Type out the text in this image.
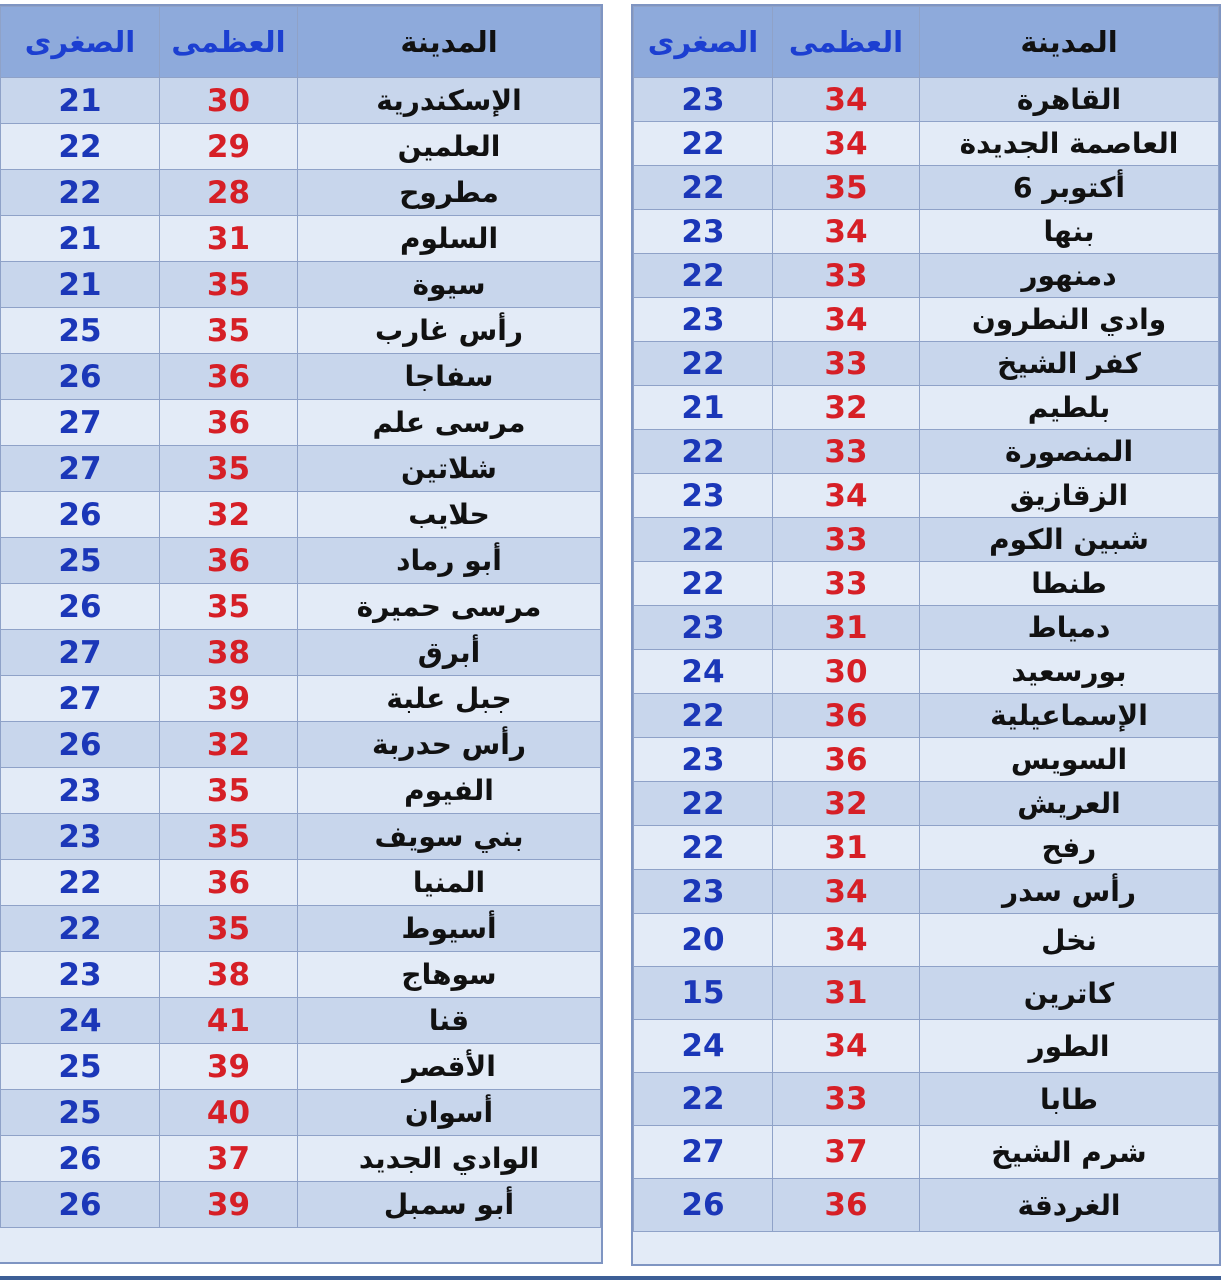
الصغرى	العظمى	المدينة
21	30	الإسكندرية
22	29	العلمين
22	28	مطروح
21	31	السلوم
21	35	سيوة
25	35	رأس غارب
26	36	سفاجا
27	36	مرسى علم
27	35	شلاتين
26	32	حلايب
25	36	أبو رماد
26	35	مرسى حميرة
27	38	أبرق
27	39	جبل علبة
26	32	رأس حدربة
23	35	الفيوم
23	35	بني سويف
22	36	المنيا
22	35	أسيوط
23	38	سوهاج
24	41	قنا
25	39	الأقصر
25	40	أسوان
26	37	الوادي الجديد
26	39	أبو سمبل
الصغرى	العظمى	المدينة
23	34	القاهرة
22	34	العاصمة الجديدة
22	35	6 أكتوبر
23	34	بنها
22	33	دمنهور
23	34	وادي النطرون
22	33	كفر الشيخ
21	32	بلطيم
22	33	المنصورة
23	34	الزقازيق
22	33	شبين الكوم
22	33	طنطا
23	31	دمياط
24	30	بورسعيد
22	36	الإسماعيلية
23	36	السويس
22	32	العريش
22	31	رفح
23	34	رأس سدر
20	34	نخل
15	31	كاترين
24	34	الطور
22	33	طابا
27	37	شرم الشيخ
26	36	الغردقة
